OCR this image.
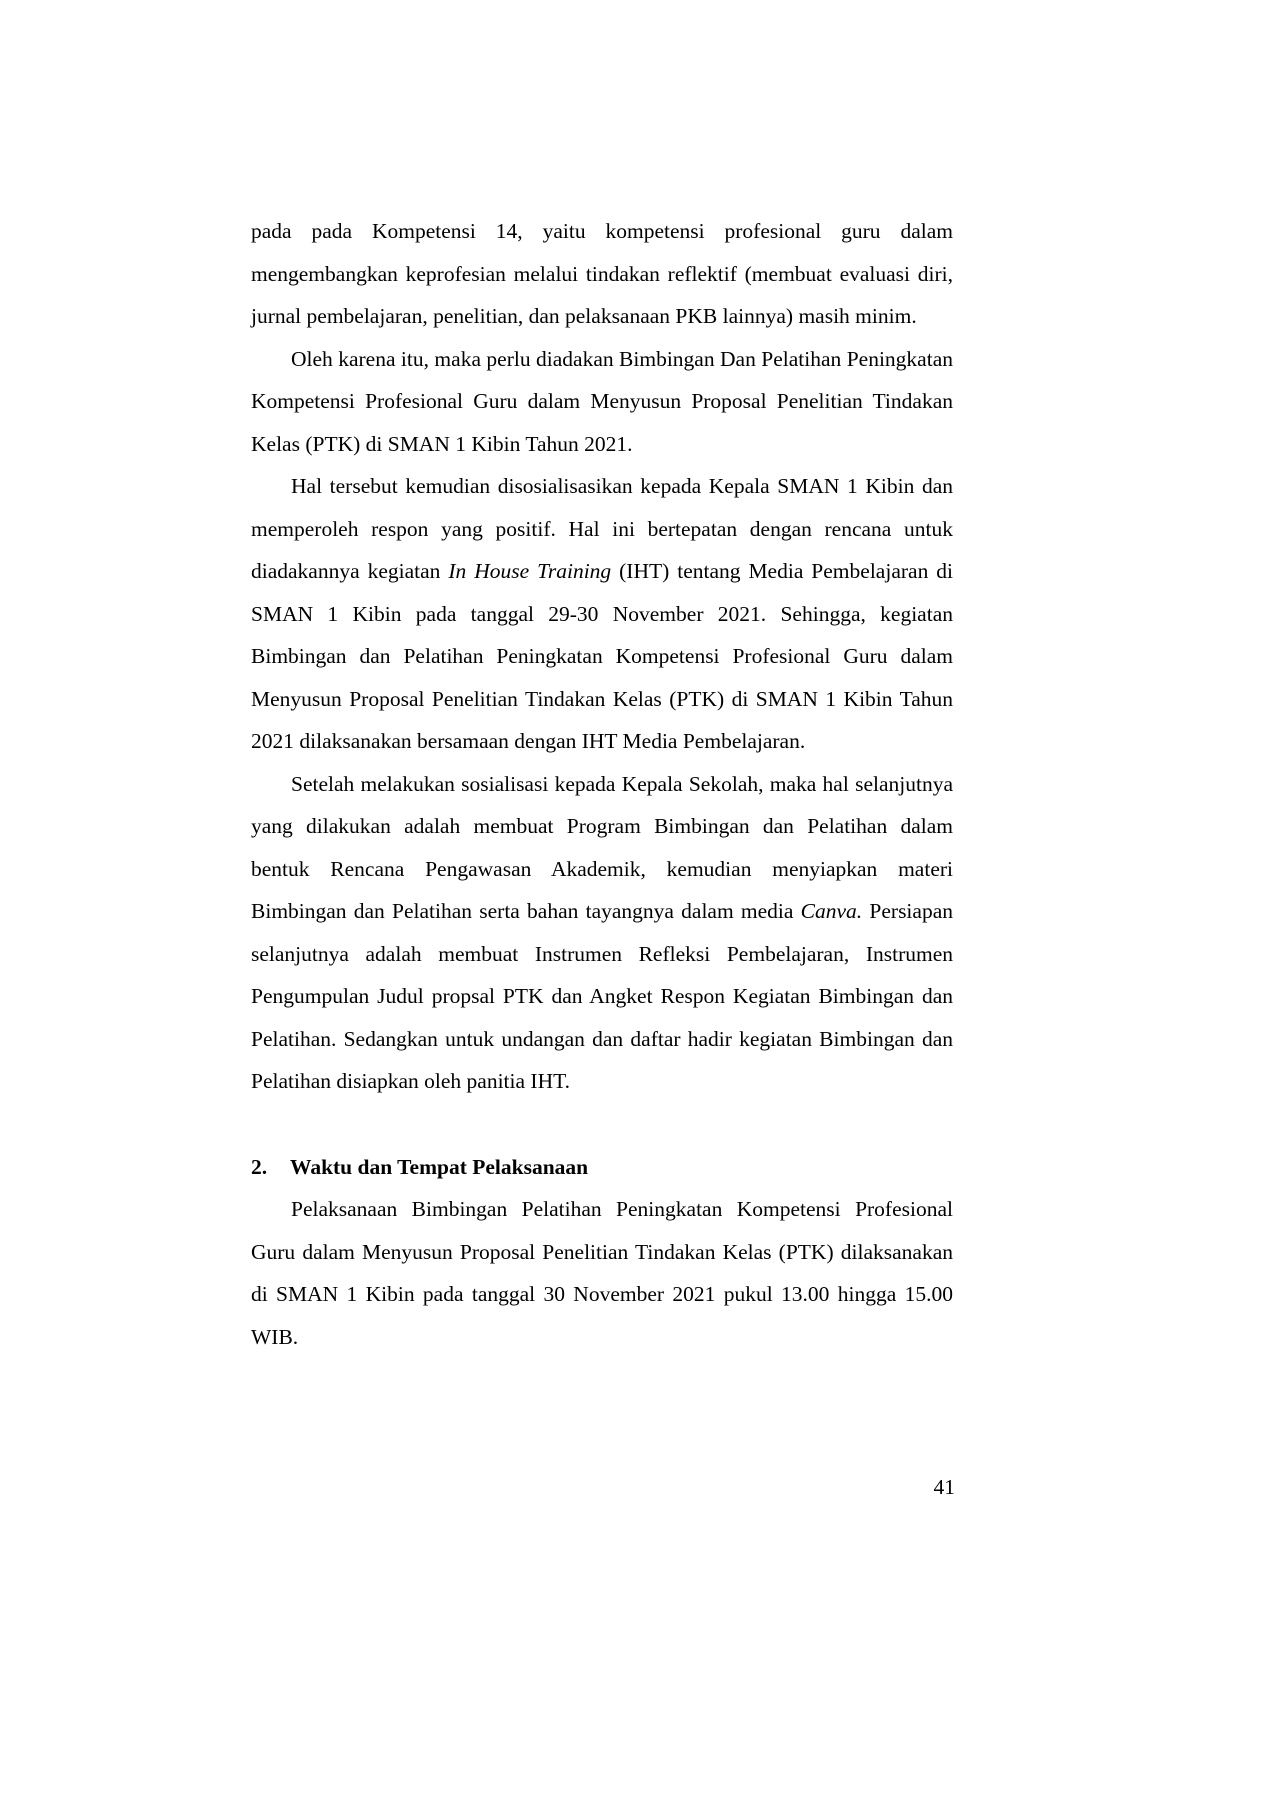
pada pada Kompetensi 14, yaitu kompetensi profesional guru dalam mengembangkan keprofesian melalui tindakan reflektif (membuat evaluasi diri, jurnal pembelajaran, penelitian, dan pelaksanaan PKB lainnya) masih minim.

Oleh karena itu, maka perlu diadakan Bimbingan Dan Pelatihan Peningkatan Kompetensi Profesional Guru dalam Menyusun Proposal Penelitian Tindakan Kelas (PTK) di SMAN 1 Kibin Tahun 2021.

Hal tersebut kemudian disosialisasikan kepada Kepala SMAN 1 Kibin dan memperoleh respon yang positif. Hal ini bertepatan dengan rencana untuk diadakannya kegiatan In House Training (IHT) tentang Media Pembelajaran di SMAN 1 Kibin pada tanggal 29-30 November 2021. Sehingga, kegiatan Bimbingan dan Pelatihan Peningkatan Kompetensi Profesional Guru dalam Menyusun Proposal Penelitian Tindakan Kelas (PTK) di SMAN 1 Kibin Tahun 2021 dilaksanakan bersamaan dengan IHT Media Pembelajaran.

Setelah melakukan sosialisasi kepada Kepala Sekolah, maka hal selanjutnya yang dilakukan adalah membuat Program Bimbingan dan Pelatihan dalam bentuk Rencana Pengawasan Akademik, kemudian menyiapkan materi Bimbingan dan Pelatihan serta bahan tayangnya dalam media Canva. Persiapan selanjutnya adalah membuat Instrumen Refleksi Pembelajaran, Instrumen Pengumpulan Judul propsal PTK dan Angket Respon Kegiatan Bimbingan dan Pelatihan. Sedangkan untuk undangan dan daftar hadir kegiatan Bimbingan dan Pelatihan disiapkan oleh panitia IHT.

2.	Waktu dan Tempat Pelaksanaan

Pelaksanaan Bimbingan Pelatihan Peningkatan Kompetensi Profesional Guru dalam Menyusun Proposal Penelitian Tindakan Kelas (PTK) dilaksanakan di SMAN 1 Kibin pada tanggal 30 November 2021 pukul 13.00 hingga 15.00 WIB.

41
